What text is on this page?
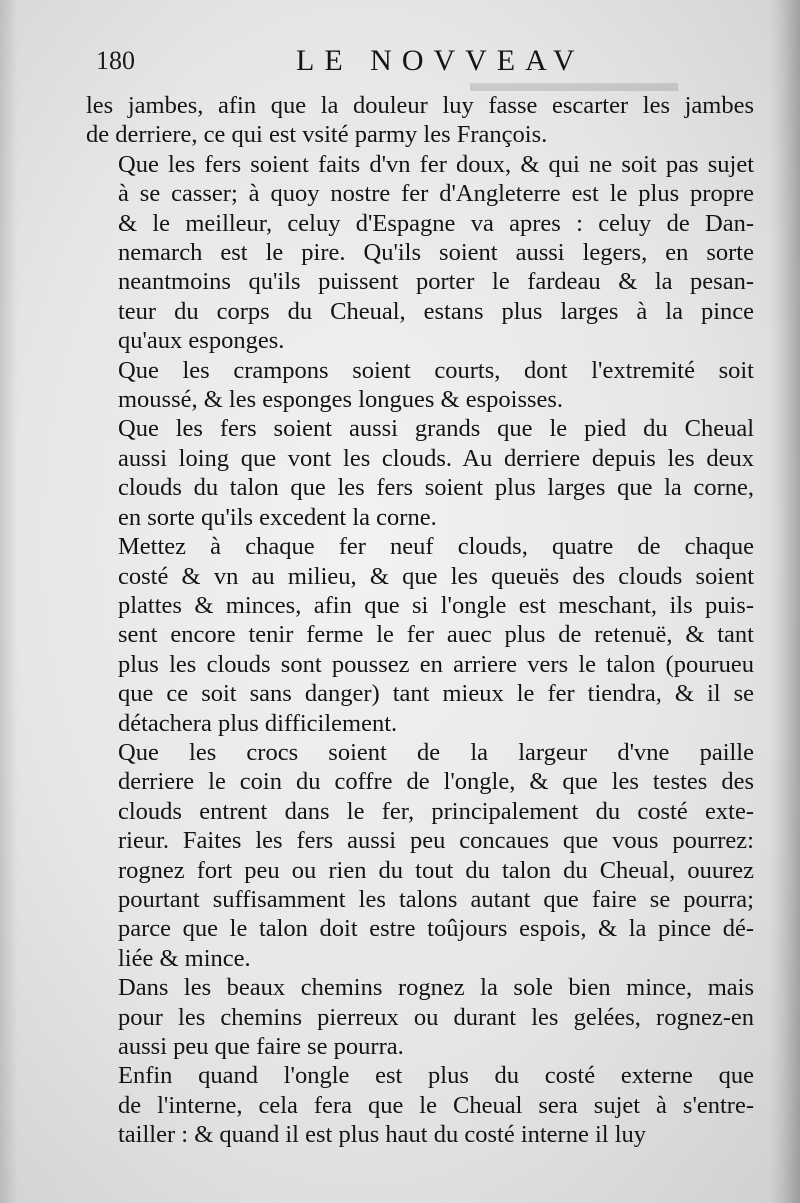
▬▬▬▬▬▬▬▬
180	LE NOVVEAV
les jambes, afin que la douleur luy fasse escarter les jambes
de derriere, ce qui est vsité parmy les François.
Que les fers soient faits d'vn fer doux, & qui ne soit pas sujet
à se casser; à quoy nostre fer d'Angleterre est le plus propre
& le meilleur, celuy d'Espagne va apres : celuy de Dan-
nemarch est le pire. Qu'ils soient aussi legers, en sorte
neantmoins qu'ils puissent porter le fardeau & la pesan-
teur du corps du Cheual, estans plus larges à la pince
qu'aux esponges.
Que les crampons soient courts, dont l'extremité soit
moussé, & les esponges longues & espoisses.
Que les fers soient aussi grands que le pied du Cheual
aussi loing que vont les clouds. Au derriere depuis les deux
clouds du talon que les fers soient plus larges que la corne,
en sorte qu'ils excedent la corne.
Mettez à chaque fer neuf clouds, quatre de chaque
costé & vn au milieu, & que les queuës des clouds soient
plattes & minces, afin que si l'ongle est meschant, ils puis-
sent encore tenir ferme le fer auec plus de retenuë, & tant
plus les clouds sont poussez en arriere vers le talon (pourueu
que ce soit sans danger) tant mieux le fer tiendra, & il se
détachera plus difficilement.
Que les crocs soient de la largeur d'vne paille
derriere le coin du coffre de l'ongle, & que les testes des
clouds entrent dans le fer, principalement du costé exte-
rieur. Faites les fers aussi peu concaues que vous pourrez:
rognez fort peu ou rien du tout du talon du Cheual, ouurez
pourtant suffisamment les talons autant que faire se pourra;
parce que le talon doit estre toûjours espois, & la pince dé-
liée & mince.
Dans les beaux chemins rognez la sole bien mince, mais
pour les chemins pierreux ou durant les gelées, rognez-en
aussi peu que faire se pourra.
Enfin quand l'ongle est plus du costé externe que
de l'interne, cela fera que le Cheual sera sujet à s'entre-
tailler : & quand il est plus haut du costé interne il luy
